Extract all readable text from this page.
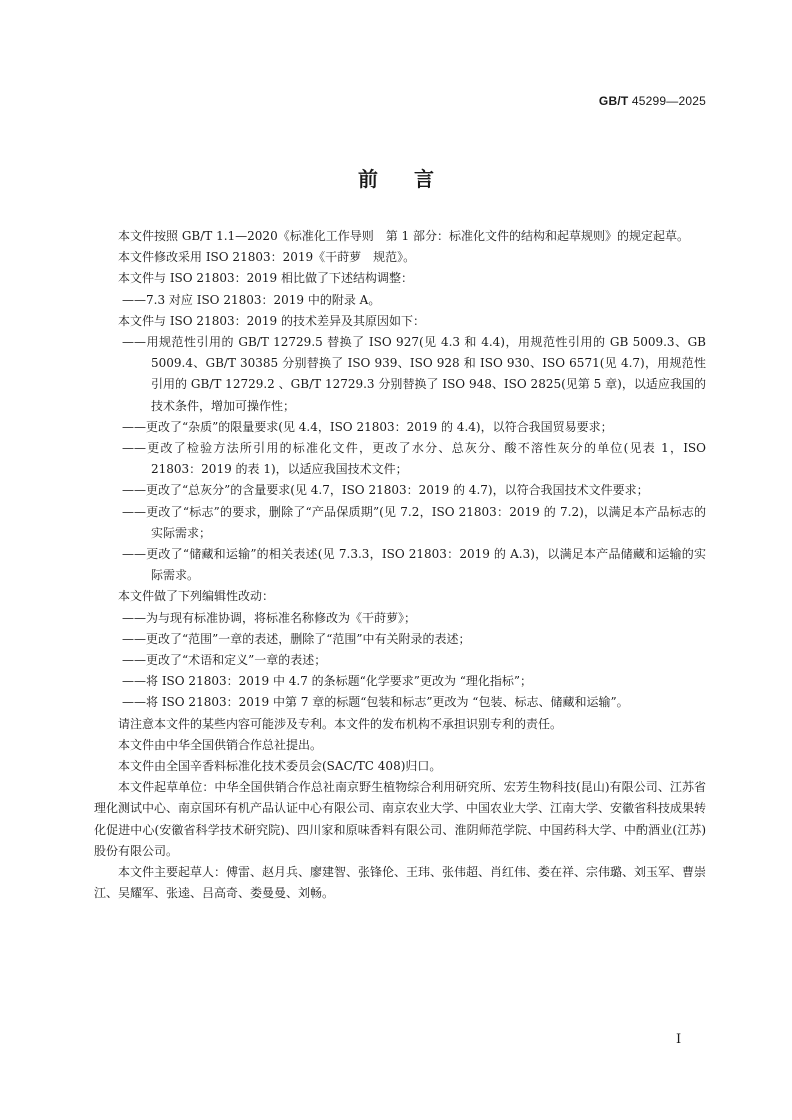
GB/T 45299—2025
前言

本文件按照 GB/T 1.1—2020《标准化工作导则　第 1 部分：标准化文件的结构和起草规则》的规定起草。

本文件修改采用 ISO 21803：2019《干莳萝　规范》。

本文件与 ISO 21803：2019 相比做了下述结构调整：

——7.3 对应 ISO 21803：2019 中的附录 A。

本文件与 ISO 21803：2019 的技术差异及其原因如下：

——用规范性引用的 GB/T 12729.5 替换了 ISO 927(见 4.3 和 4.4)，用规范性引用的 GB 5009.3、GB 5009.4、GB/T 30385 分别替换了 ISO 939、ISO 928 和 ISO 930、ISO 6571(见 4.7)，用规范性引用的 GB/T 12729.2 、GB/T 12729.3 分别替换了 ISO 948、ISO 2825(见第 5 章)，以适应我国的技术条件，增加可操作性；

——更改了“杂质”的限量要求(见 4.4，ISO 21803：2019 的 4.4)，以符合我国贸易要求；

——更改了检验方法所引用的标准化文件，更改了水分、总灰分、酸不溶性灰分的单位(见表 1，ISO 21803：2019 的表 1)，以适应我国技术文件；

——更改了“总灰分”的含量要求(见 4.7，ISO 21803：2019 的 4.7)，以符合我国技术文件要求；

——更改了“标志”的要求，删除了“产品保质期”(见 7.2，ISO 21803：2019 的 7.2)，以满足本产品标志的实际需求；

——更改了“储藏和运输”的相关表述(见 7.3.3，ISO 21803：2019 的 A.3)，以满足本产品储藏和运输的实际需求。

本文件做了下列编辑性改动：

——为与现有标准协调，将标准名称修改为《干莳萝》；

——更改了“范围”一章的表述，删除了“范围”中有关附录的表述；

——更改了“术语和定义”一章的表述；

——将 ISO 21803：2019 中 4.7 的条标题“化学要求”更改为 “理化指标”；

——将 ISO 21803：2019 中第 7 章的标题“包装和标志”更改为 “包装、标志、储藏和运输”。

请注意本文件的某些内容可能涉及专利。本文件的发布机构不承担识别专利的责任。

本文件由中华全国供销合作总社提出。

本文件由全国辛香料标准化技术委员会(SAC/TC 408)归口。

本文件起草单位：中华全国供销合作总社南京野生植物综合利用研究所、宏芳生物科技(昆山)有限公司、江苏省理化测试中心、南京国环有机产品认证中心有限公司、南京农业大学、中国农业大学、江南大学、安徽省科技成果转化促进中心(安徽省科学技术研究院)、四川家和原味香料有限公司、淮阴师范学院、中国药科大学、中酌酒业(江苏)股份有限公司。

本文件主要起草人：傅雷、赵月兵、廖建智、张锋伦、王玮、张伟超、肖红伟、娄在祥、宗伟璐、刘玉军、曹崇江、吴耀军、张逵、吕高奇、娄曼曼、刘畅。

I
